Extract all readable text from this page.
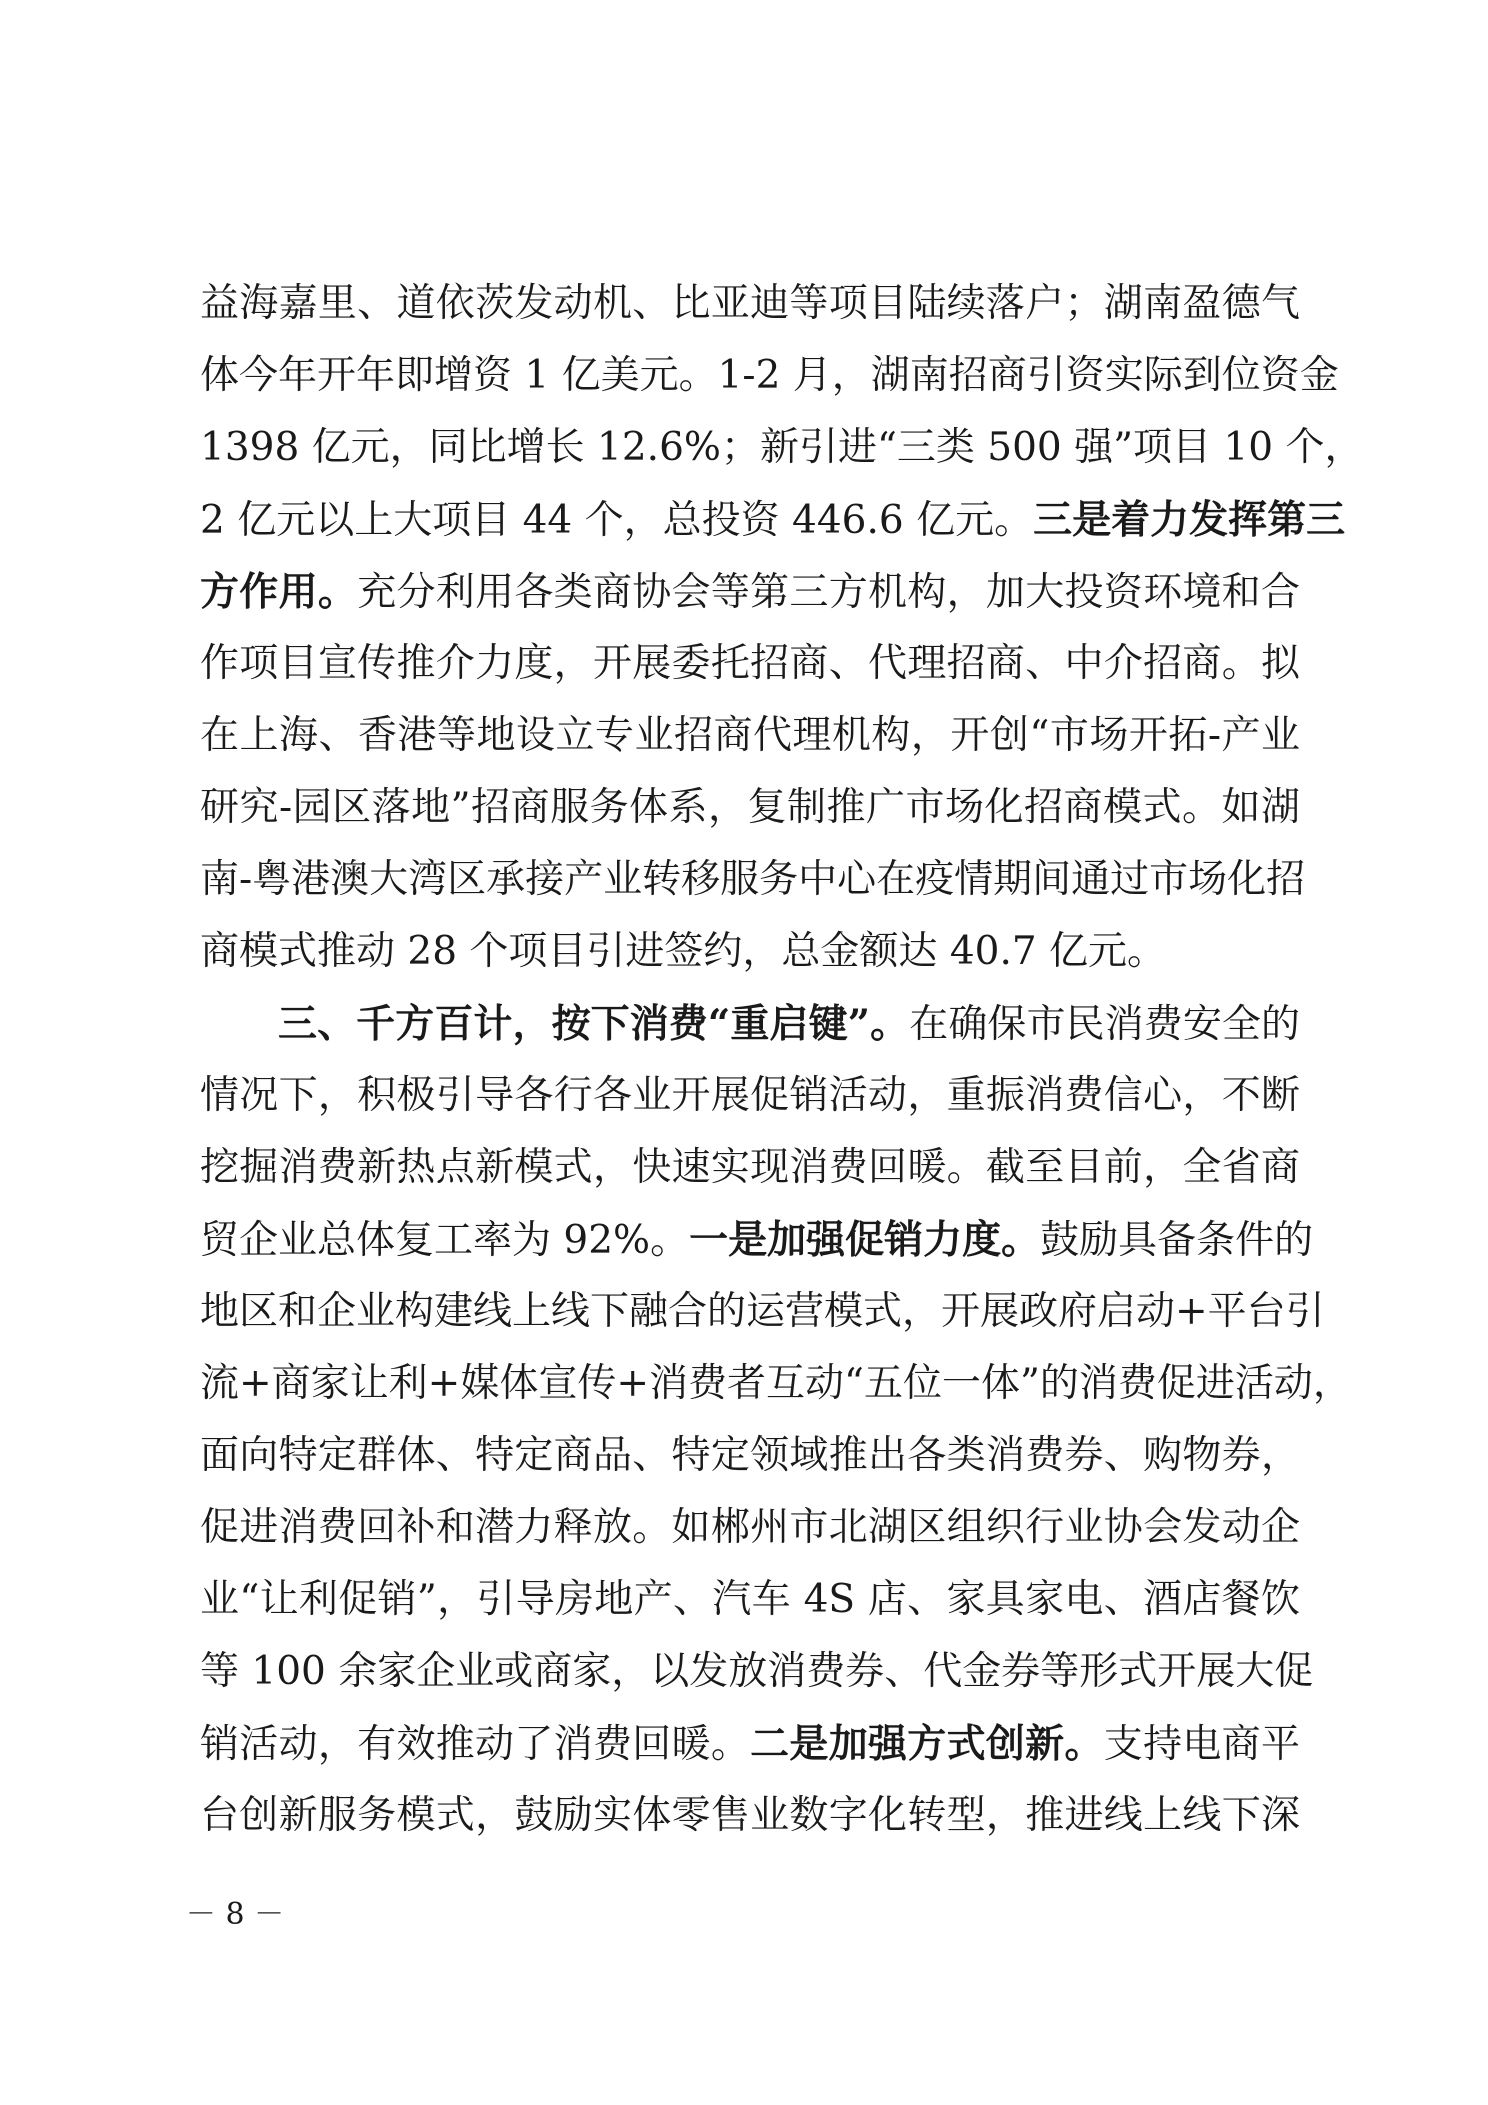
益海嘉里、道依茨发动机、比亚迪等项目陆续落户；湖南盈德气
体今年开年即增资 1 亿美元。1-2 月，湖南招商引资实际到位资金
1398 亿元，同比增长 12.6%；新引进“三类 500 强”项目 10 个，
2 亿元以上大项目 44 个，总投资 446.6 亿元。三是着力发挥第三
方作用。充分利用各类商协会等第三方机构，加大投资环境和合
作项目宣传推介力度，开展委托招商、代理招商、中介招商。拟
在上海、香港等地设立专业招商代理机构，开创“市场开拓-产业
研究-园区落地”招商服务体系，复制推广市场化招商模式。如湖
南-粤港澳大湾区承接产业转移服务中心在疫情期间通过市场化招
商模式推动 28 个项目引进签约，总金额达 40.7 亿元。
三、千方百计，按下消费“重启键”。在确保市民消费安全的
情况下，积极引导各行各业开展促销活动，重振消费信心，不断
挖掘消费新热点新模式，快速实现消费回暖。截至目前，全省商
贸企业总体复工率为 92%。一是加强促销力度。鼓励具备条件的
地区和企业构建线上线下融合的运营模式，开展政府启动+平台引
流+商家让利+媒体宣传+消费者互动“五位一体”的消费促进活动，
面向特定群体、特定商品、特定领域推出各类消费券、购物券，
促进消费回补和潜力释放。如郴州市北湖区组织行业协会发动企
业“让利促销”，引导房地产、汽车 4S 店、家具家电、酒店餐饮
等 100 余家企业或商家，以发放消费券、代金券等形式开展大促
销活动，有效推动了消费回暖。二是加强方式创新。支持电商平
台创新服务模式，鼓励实体零售业数字化转型，推进线上线下深
－ 8 －
